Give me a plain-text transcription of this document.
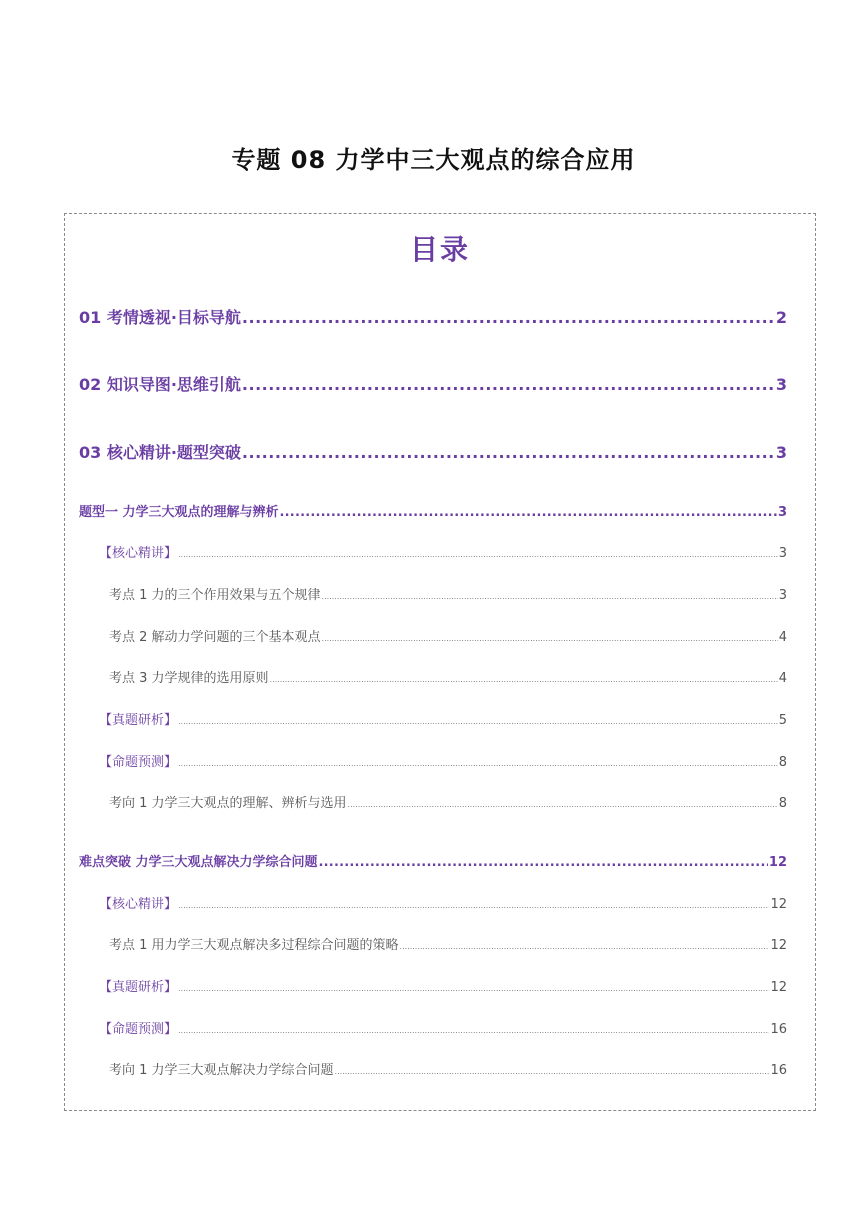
专题 08 力学中三大观点的综合应用
目录
01 考情透视·目标导航 .....	2
02 知识导图·思维引航 .....	3
03 核心精讲·题型突破 .....	3
题型一 力学三大观点的理解与辨析 .....	3
【核心精讲】 .....	3
考点 1 力的三个作用效果与五个规律 .....	3
考点 2 解动力学问题的三个基本观点 .....	4
考点 3 力学规律的选用原则 .....	4
【真题研析】 .....	5
【命题预测】 .....	8
考向 1 力学三大观点的理解、辨析与选用 .....	8
难点突破 力学三大观点解决力学综合问题 .....	12
【核心精讲】 .....	12
考点 1 用力学三大观点解决多过程综合问题的策略 .....	12
【真题研析】 .....	12
【命题预测】 .....	16
考向 1 力学三大观点解决力学综合问题 .....	16
